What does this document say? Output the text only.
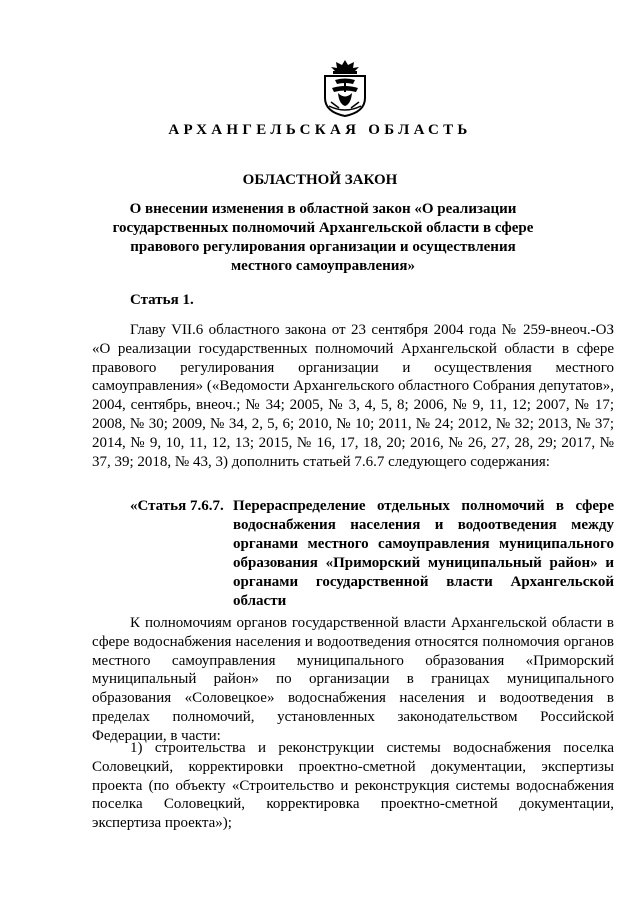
АРХАНГЕЛЬСКАЯ ОБЛАСТЬ
ОБЛАСТНОЙ ЗАКОН
О внесении изменения в областной закон «О реализации государственных полномочий Архангельской области в сфере правового регулирования организации и осуществления местного самоуправления»
Статья 1.
Главу VII.6 областного закона от 23 сентября 2004 года № 259-внеоч.-ОЗ «О реализации государственных полномочий Архангельской области в сфере правового регулирования организации и осуществления местного самоуправления» («Ведомости Архангельского областного Собрания депутатов», 2004, сентябрь, внеоч.; № 34; 2005, № 3, 4, 5, 8; 2006, № 9, 11, 12; 2007, № 17; 2008, № 30; 2009, № 34, 2, 5, 6; 2010, № 10; 2011, № 24; 2012, № 32; 2013, № 37; 2014, № 9, 10, 11, 12, 13; 2015, № 16, 17, 18, 20; 2016, № 26, 27, 28, 29; 2017, № 37, 39; 2018, № 43, 3) дополнить статьей 7.6.7 следующего содержания:
«Статья 7.6.7. Перераспределение отдельных полномочий в сфере водоснабжения населения и водоотведения между органами местного самоуправления муниципального образования «Приморский муниципальный район» и органами государственной власти Архангельской области
К полномочиям органов государственной власти Архангельской области в сфере водоснабжения населения и водоотведения относятся полномочия органов местного самоуправления муниципального образования «Приморский муниципальный район» по организации в границах муниципального образования «Соловецкое» водоснабжения населения и водоотведения в пределах полномочий, установленных законодательством Российской Федерации, в части:
1) строительства и реконструкции системы водоснабжения поселка Соловецкий, корректировки проектно-сметной документации, экспертизы проекта (по объекту «Строительство и реконструкция системы водоснабжения поселка Соловецкий, корректировка проектно-сметной документации, экспертиза проекта»);
